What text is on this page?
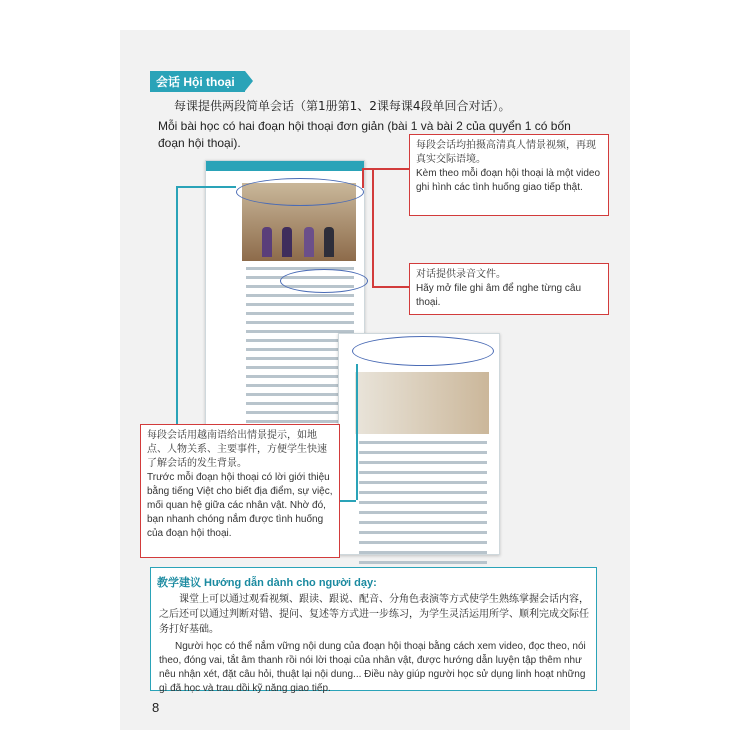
会话 Hội thoại
每课提供两段简单会话（第1册第1、2课每课4段单回合对话）。
Mỗi bài học có hai đoạn hội thoại đơn giản (bài 1 và bài 2 của quyển 1 có bốn đoạn hội thoại).	每段会话均拍摄高清真人情景视频，再现真实交际语境。
Kèm theo mỗi đoạn hội thoại là một video ghi hình các tình huống giao tiếp thật.
对话提供录音文件。
Hãy mở file ghi âm để nghe từng câu thoại.
每段会话用越南语给出情景提示，如地点、人物关系、主要事件，方便学生快速了解会话的发生背景。
Trước mỗi đoạn hội thoại có lời giới thiệu bằng tiếng Việt cho biết địa điểm, sự việc, mối quan hệ giữa các nhân vật. Nhờ đó, bạn nhanh chóng nắm được tình huống của đoạn hội thoại.
教学建议 Hướng dẫn dành cho người dạy:
课堂上可以通过观看视频、跟读、跟说、配音、分角色表演等方式使学生熟练掌握会话内容，之后还可以通过判断对错、提问、复述等方式进一步练习，为学生灵活运用所学、顺利完成交际任务打好基础。
Người học có thể nắm vững nội dung của đoạn hội thoại bằng cách xem video, đọc theo, nói theo, đóng vai, tắt âm thanh rồi nói lời thoại của nhân vật, được hướng dẫn luyện tập thêm như nêu nhận xét, đặt câu hỏi, thuật lại nội dung... Điều này giúp người học sử dụng linh hoạt những gì đã học và trau dồi kỹ năng giao tiếp.
8
